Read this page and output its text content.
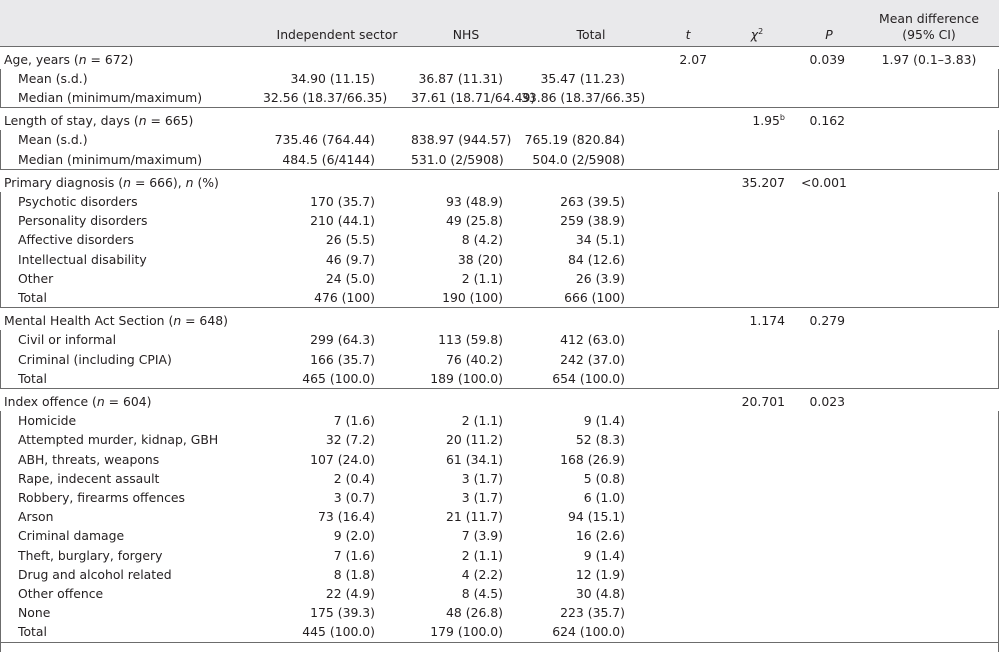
	Independent sector	NHS	Total	t	$\chi^2$	P	Mean difference
(95% CI)
Age, years (n = 672)				2.07		0.039	1.97 (0.1–3.83)
Mean (s.d.)	34.90 (11.15)	36.87 (11.31)	35.47 (11.23)				
Median (minimum/maximum)	32.56 (18.37/66.35)	37.61 (18.71/64.49)	33.86 (18.37/66.35)				
Length of stay, days (n = 665)					1.95$^b$	0.162	
Mean (s.d.)	735.46 (764.44)	838.97 (944.57)	765.19 (820.84)				
Median (minimum/maximum)	484.5 (6/4144)	531.0 (2/5908)	504.0 (2/5908)				
Primary diagnosis (n = 666), n (%)					35.207	<0.001	
Psychotic disorders	170 (35.7)	93 (48.9)	263 (39.5)				
Personality disorders	210 (44.1)	49 (25.8)	259 (38.9)				
Affective disorders	26 (5.5)	8 (4.2)	34 (5.1)				
Intellectual disability	46 (9.7)	38 (20)	84 (12.6)				
Other	24 (5.0)	2 (1.1)	26 (3.9)				
Total	476 (100)	190 (100)	666 (100)				
Mental Health Act Section (n = 648)					1.174	0.279	
Civil or informal	299 (64.3)	113 (59.8)	412 (63.0)				
Criminal (including CPIA)	166 (35.7)	76 (40.2)	242 (37.0)				
Total	465 (100.0)	189 (100.0)	654 (100.0)				
Index offence (n = 604)					20.701	0.023	
Homicide	7 (1.6)	2 (1.1)	9 (1.4)				
Attempted murder, kidnap, GBH	32 (7.2)	20 (11.2)	52 (8.3)				
ABH, threats, weapons	107 (24.0)	61 (34.1)	168 (26.9)				
Rape, indecent assault	2 (0.4)	3 (1.7)	5 (0.8)				
Robbery, firearms offences	3 (0.7)	3 (1.7)	6 (1.0)				
Arson	73 (16.4)	21 (11.7)	94 (15.1)				
Criminal damage	9 (2.0)	7 (3.9)	16 (2.6)				
Theft, burglary, forgery	7 (1.6)	2 (1.1)	9 (1.4)				
Drug and alcohol related	8 (1.8)	4 (2.2)	12 (1.9)				
Other offence	22 (4.9)	8 (4.5)	30 (4.8)				
None	175 (39.3)	48 (26.8)	223 (35.7)				
Total	445 (100.0)	179 (100.0)	624 (100.0)				
